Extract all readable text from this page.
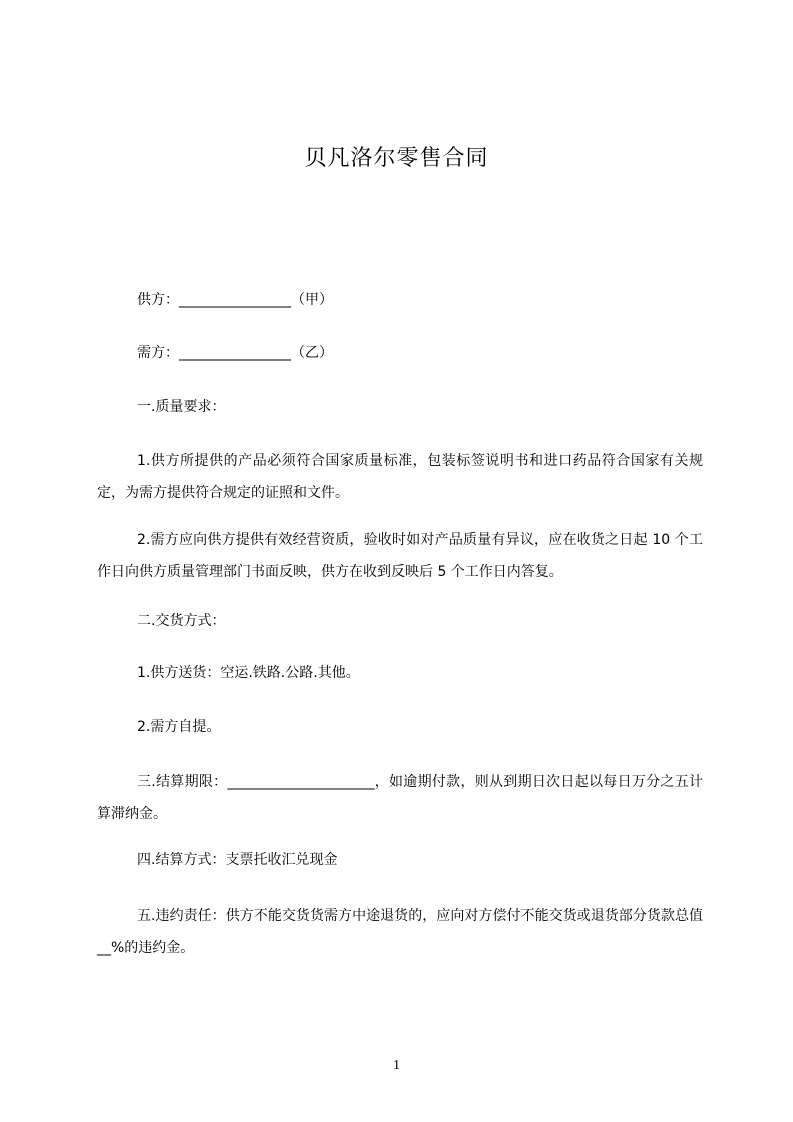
贝凡洛尔零售合同
供方：________________（甲）
需方：________________（乙）
一.质量要求：
1.供方所提供的产品必须符合国家质量标准，包装标签说明书和进口药品符合国家有关规定，为需方提供符合规定的证照和文件。
2.需方应向供方提供有效经营资质，验收时如对产品质量有异议，应在收货之日起 10 个工作日向供方质量管理部门书面反映，供方在收到反映后 5 个工作日内答复。
二.交货方式：
1.供方送货：空运.铁路.公路.其他。
2.需方自提。
三.结算期限：_____________________，如逾期付款，则从到期日次日起以每日万分之五计算滞纳金。
四.结算方式：支票托收汇兑现金
五.违约责任：供方不能交货货需方中途退货的，应向对方偿付不能交货或退货部分货款总值__%的违约金。
1
